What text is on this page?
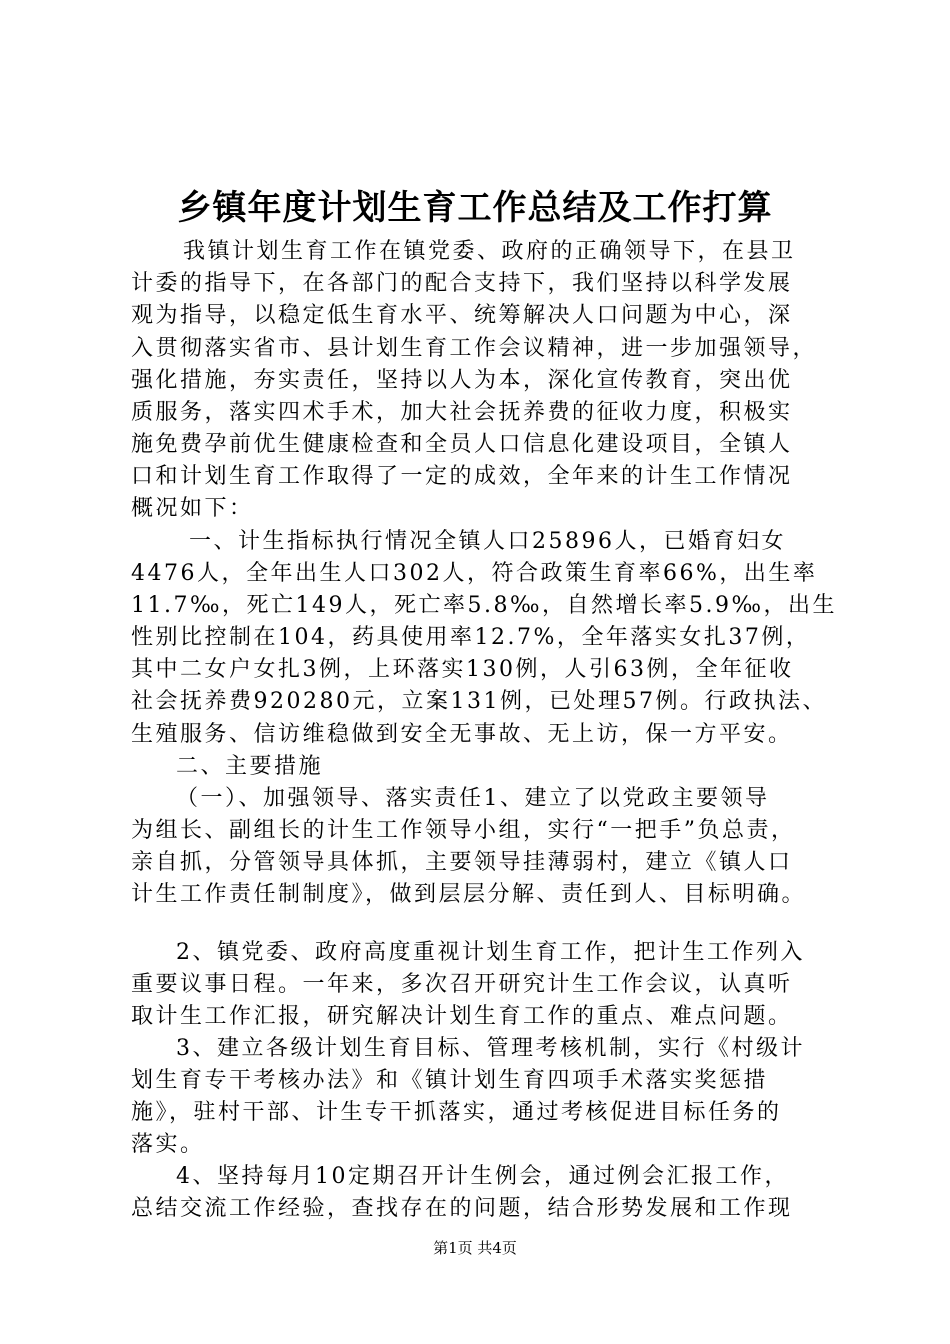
乡镇年度计划生育工作总结及工作打算
我镇计划生育工作在镇党委、政府的正确领导下，在县卫
计委的指导下，在各部门的配合支持下，我们坚持以科学发展
观为指导，以稳定低生育水平、统筹解决人口问题为中心，深
入贯彻落实省市、县计划生育工作会议精神，进一步加强领导，
强化措施，夯实责任，坚持以人为本，深化宣传教育，突出优
质服务，落实四术手术，加大社会抚养费的征收力度，积极实
施免费孕前优生健康检查和全员人口信息化建设项目，全镇人
口和计划生育工作取得了一定的成效，全年来的计生工作情况
概况如下：
一、计生指标执行情况全镇人口25896人，已婚育妇女
4476人，全年出生人口302人，符合政策生育率66%，出生率
11.7‰，死亡149人，死亡率5.8‰，自然增长率5.9‰，出生
性别比控制在104，药具使用率12.7%，全年落实女扎37例，
其中二女户女扎3例，上环落实130例，人引63例，全年征收
社会抚养费920280元，立案131例，已处理57例。行政执法、
生殖服务、信访维稳做到安全无事故、无上访，保一方平安。
二、主要措施
（一）、加强领导、落实责任1、建立了以党政主要领导
为组长、副组长的计生工作领导小组，实行“一把手”负总责，
亲自抓，分管领导具体抓，主要领导挂薄弱村，建立《镇人口
计生工作责任制制度》，做到层层分解、责任到人、目标明确。
2、镇党委、政府高度重视计划生育工作，把计生工作列入
重要议事日程。一年来，多次召开研究计生工作会议，认真听
取计生工作汇报，研究解决计划生育工作的重点、难点问题。
3、建立各级计划生育目标、管理考核机制，实行《村级计
划生育专干考核办法》和《镇计划生育四项手术落实奖惩措
施》，驻村干部、计生专干抓落实，通过考核促进目标任务的
落实。
4、坚持每月10定期召开计生例会，通过例会汇报工作，
总结交流工作经验，查找存在的问题，结合形势发展和工作现
第1页 共4页
